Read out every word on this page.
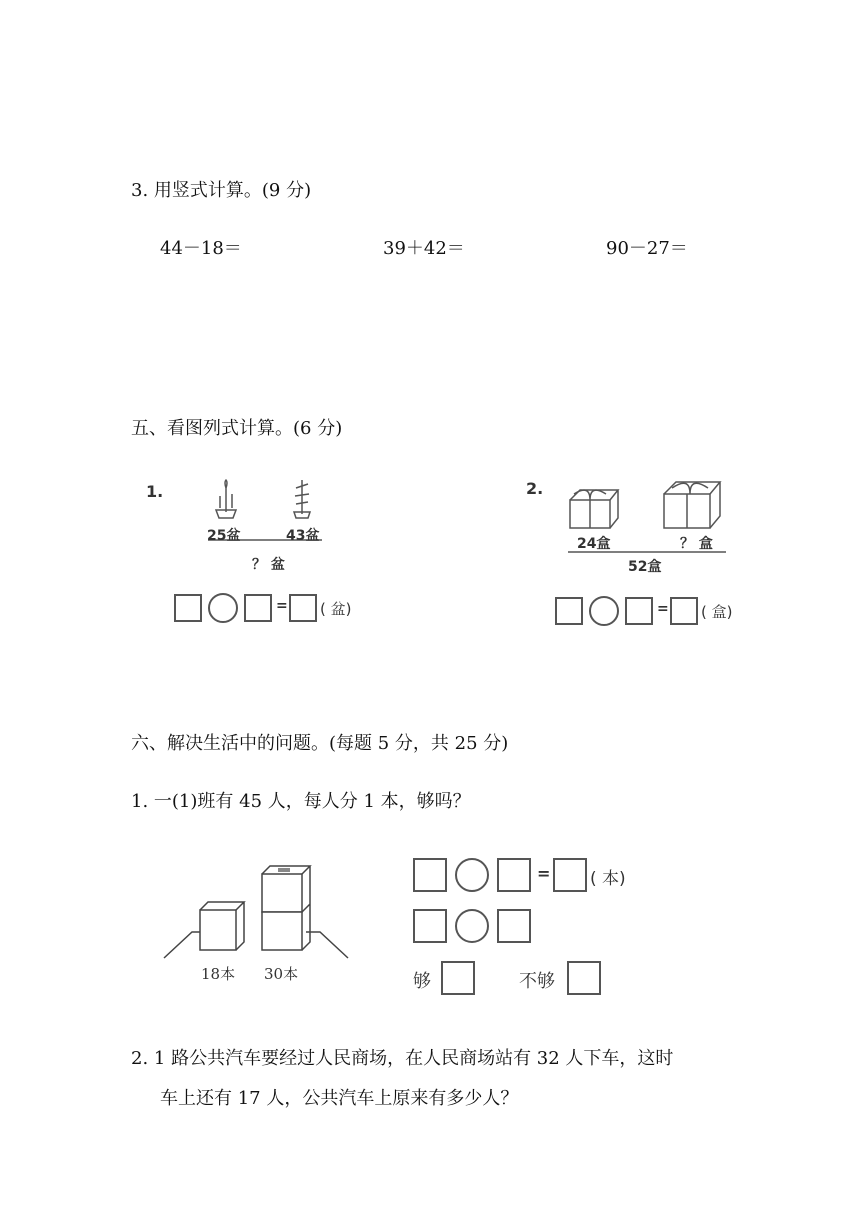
3. 用竖式计算。(9 分)
44－18＝	39＋42＝	90－27＝
五、看图列式计算。(6 分)
1.
25盆	43盆
？ 盆
= ( 盆)
2.
24盒	？ 盒
52盒
= ( 盒)
六、解决生活中的问题。(每题 5 分，共 25 分)
1. 一(1)班有 45 人，每人分 1 本，够吗？
18本 30本
= ( 本)
够	不够
2. 1 路公共汽车要经过人民商场，在人民商场站有 32 人下车，这时
车上还有 17 人，公共汽车上原来有多少人？
